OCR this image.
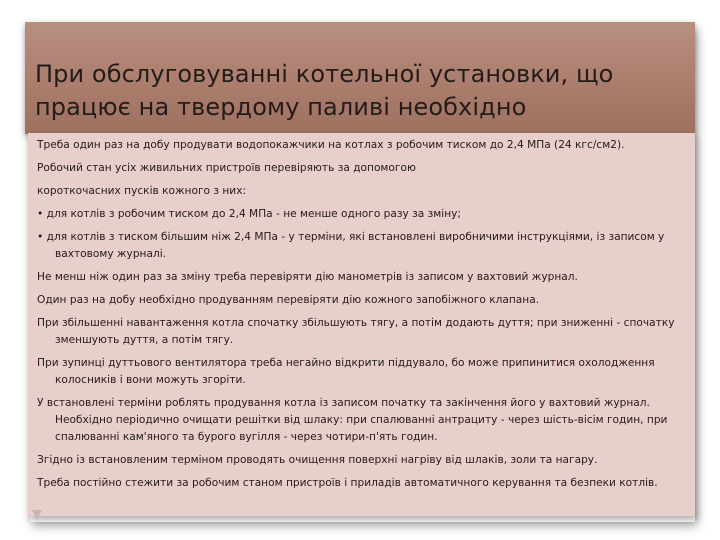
При обслуговуванні котельної установки, що працює на твердому паливі необхідно

Треба один раз на добу продувати водопокажчики на котлах з робочим тиском до 2,4 МПа (24 кгс/см2).

Робочий стан усіх живильних пристроїв перевіряють за допомогою

короткочасних пусків кожного з них:

• для котлів з робочим тиском до 2,4 МПа - не менше одного разу за зміну;

• для котлів з тиском більшим ніж 2,4 МПа - у терміни, які встановлені виробничими інструкціями, із записом у вахтовому журналі.

Не менш ніж один раз за зміну треба перевіряти дію манометрів із записом у вахтовий журнал.

Один раз на добу необхідно продуванням перевіряти дію кожного запобіжного клапана.

При збільшенні навантаження котла спочатку збільшують тягу, а потім додають дуття; при зниженні - спочатку зменшують дуття, а потім тягу.

При зупинці дуттьового вентилятора треба негайно відкрити піддувало, бо може припинитися охолодження колосників і вони можуть згоріти.

У встановлені терміни роблять продування котла із записом початку та закінчення його у вахтовий журнал. Необхідно періодично очищати решітки від шлаку: при спалюванні антрациту - через шість-вісім годин, при спалюванні кам'яного та бурого вугілля - через чотири-п'ять годин.

Згідно із встановленим терміном проводять очищення поверхні нагріву від шлаків, золи та нагару.

Треба постійно стежити за робочим станом пристроїв і приладів автоматичного керування та безпеки котлів.
